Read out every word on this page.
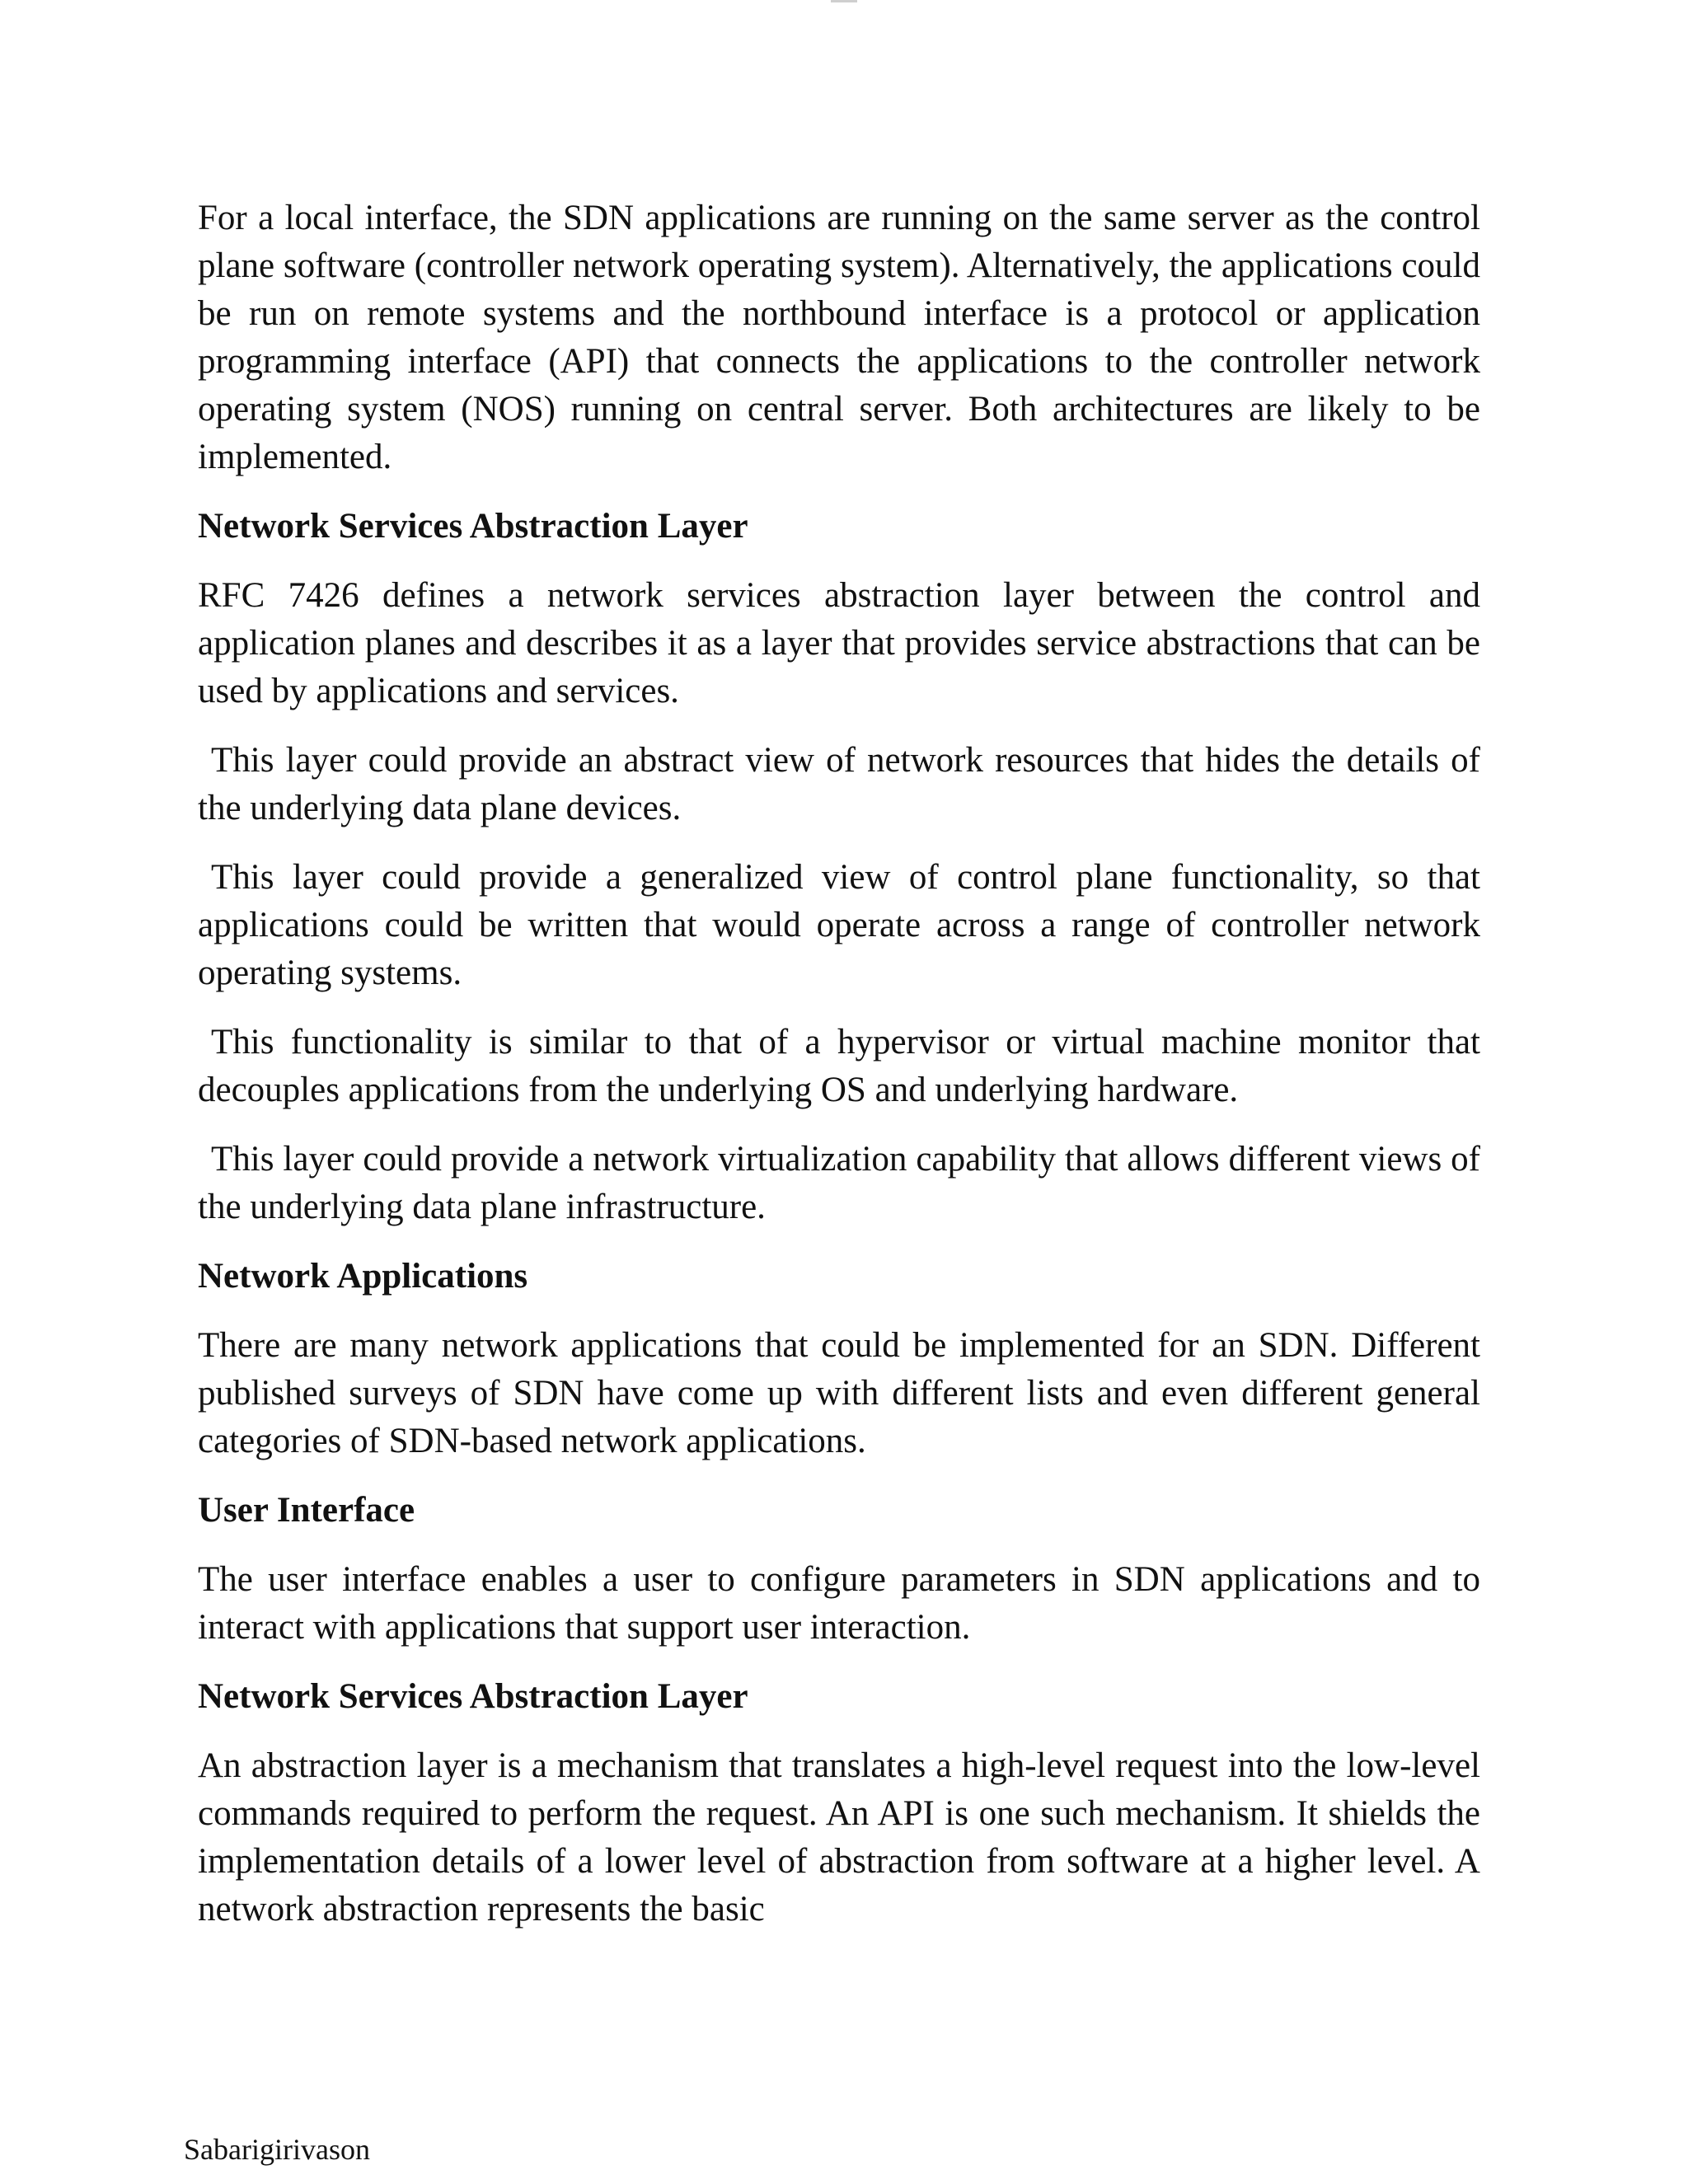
For a local interface, the SDN applications are running on the same server as the control plane software (controller network operating system). Alternatively, the applications could be run on remote systems and the northbound interface is a protocol or application programming interface (API) that connects the applications to the controller network operating system (NOS) running on central server. Both architectures are likely to be implemented.

Network Services Abstraction Layer

RFC 7426 defines a network services abstraction layer between the control and application planes and describes it as a layer that provides service abstractions that can be used by applications and services.

This layer could provide an abstract view of network resources that hides the details of the underlying data plane devices.

This layer could provide a generalized view of control plane functionality, so that applications could be written that would operate across a range of controller network operating systems.

This functionality is similar to that of a hypervisor or virtual machine monitor that decouples applications from the underlying OS and underlying hardware.

This layer could provide a network virtualization capability that allows different views of the underlying data plane infrastructure.

Network Applications

There are many network applications that could be implemented for an SDN. Different published surveys of SDN have come up with different lists and even different general categories of SDN-based network applications.

User Interface

The user interface enables a user to configure parameters in SDN applications and to interact with applications that support user interaction.

Network Services Abstraction Layer

An abstraction layer is a mechanism that translates a high-level request into the low-level commands required to perform the request. An API is one such mechanism. It shields the implementation details of a lower level of abstraction from software at a higher level. A network abstraction represents the basic

Sabarigirivason
